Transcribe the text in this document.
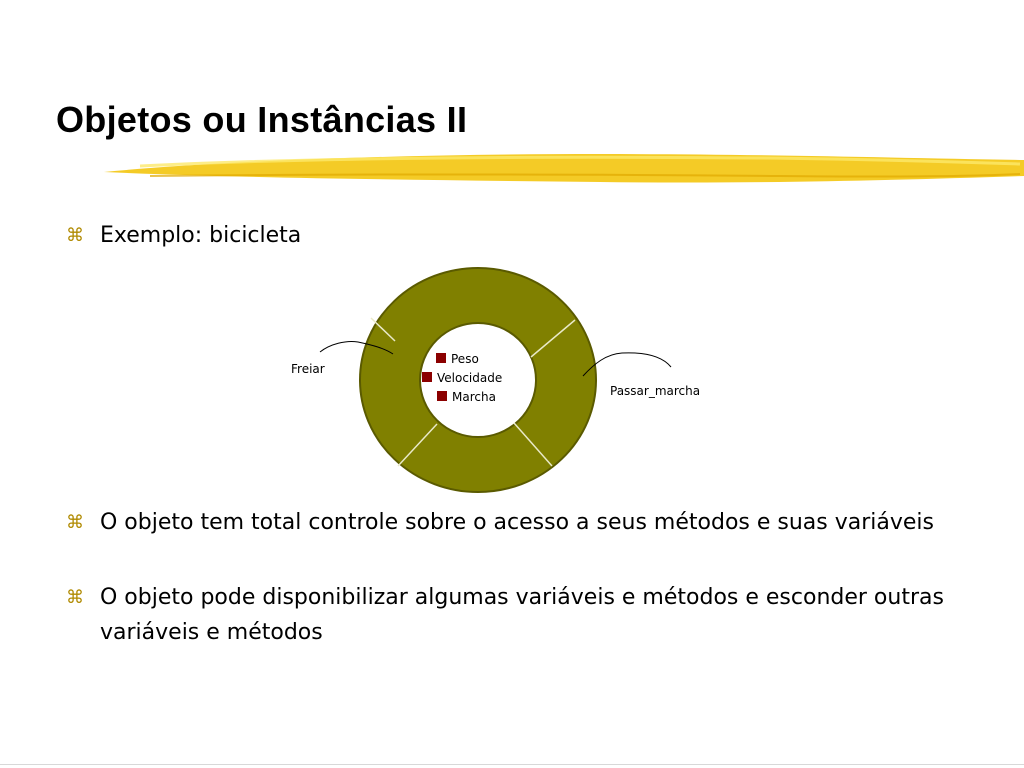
Objetos ou Instâncias II
⌘ Exemplo: bicicleta
Freiar
Passar_marcha
Peso
Velocidade
Marcha
⌘ O objeto tem total controle sobre o acesso a seus métodos e suas variáveis
⌘ O objeto pode disponibilizar algumas variáveis e métodos e esconder outras variáveis e métodos
